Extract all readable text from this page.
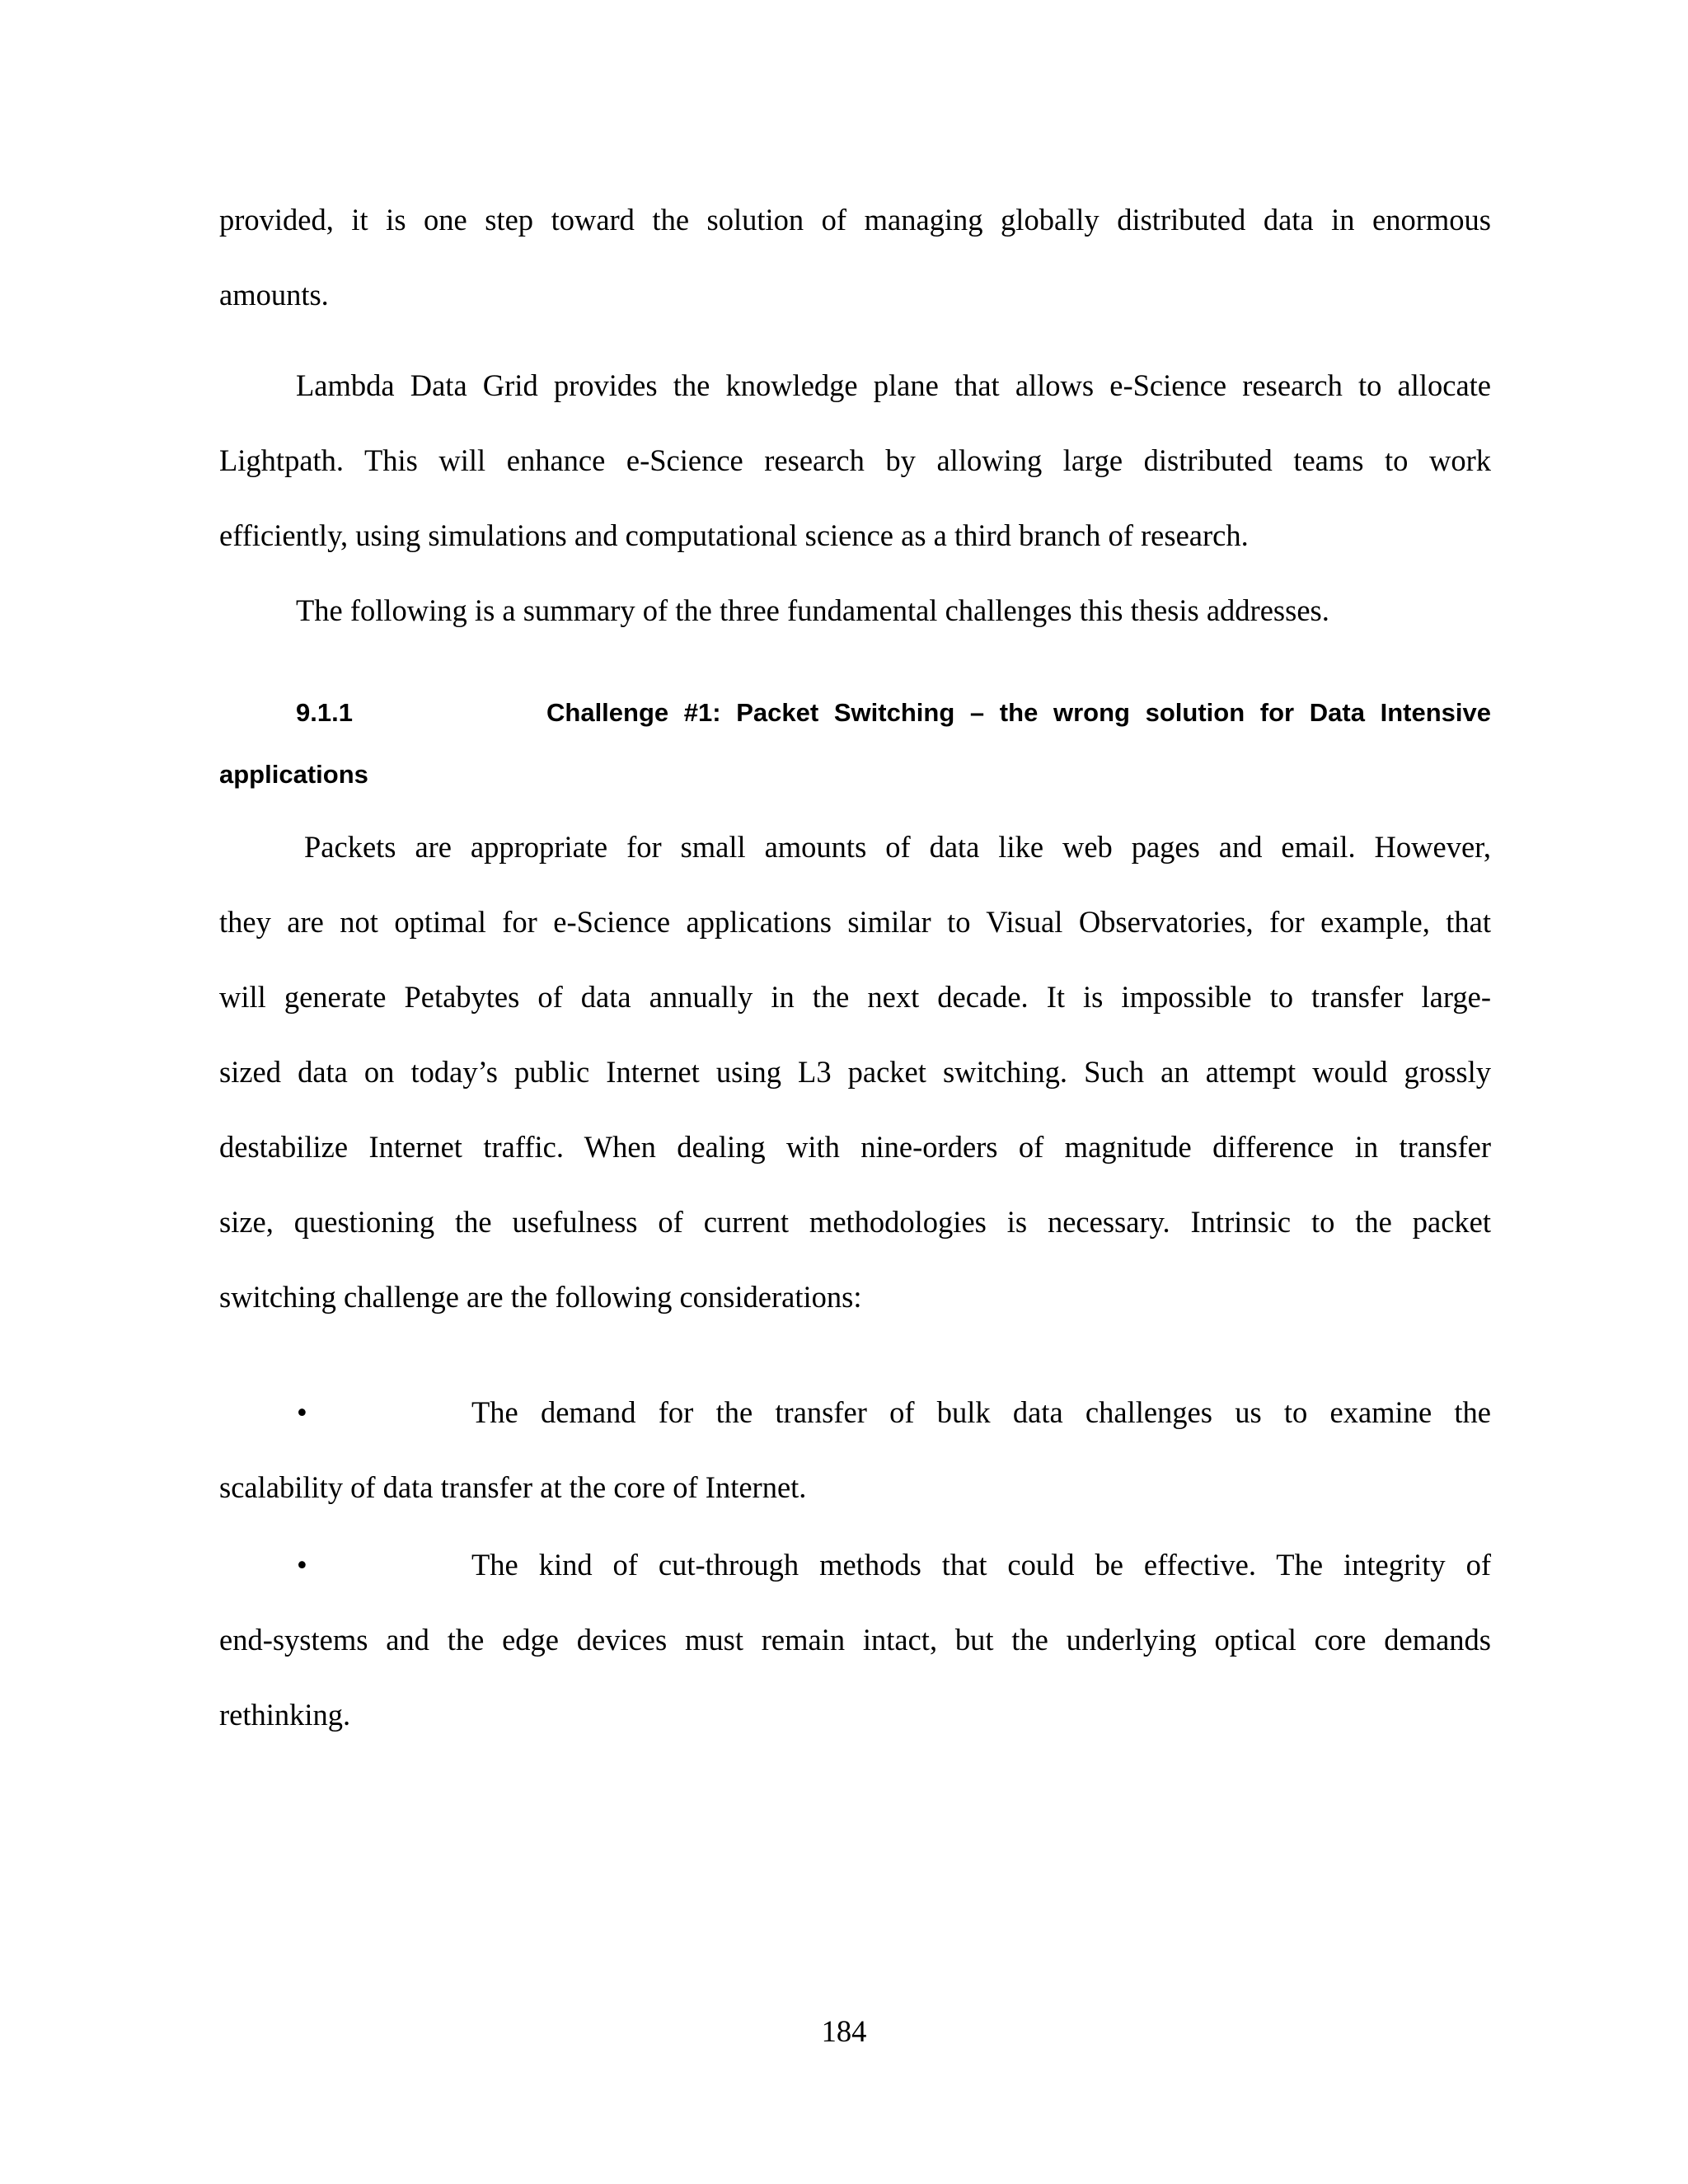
provided, it is one step toward the solution of managing globally distributed data in enormous
amounts.
Lambda Data Grid provides the knowledge plane that allows e-Science research to allocate
Lightpath. This will enhance e-Science research by allowing large distributed teams to work
efficiently, using simulations and computational science as a third branch of research.
The following is a summary of the three fundamental challenges this thesis addresses.
9.1.1	Challenge #1: Packet Switching – the wrong solution for Data Intensive
applications
Packets are appropriate for small amounts of data like web pages and email. However,
they are not optimal for e-Science applications similar to Visual Observatories, for example, that
will generate Petabytes of data annually in the next decade. It is impossible to transfer large-
sized data on today’s public Internet using L3 packet switching. Such an attempt would grossly
destabilize Internet traffic. When dealing with nine-orders of magnitude difference in transfer
size, questioning the usefulness of current methodologies is necessary. Intrinsic to the packet
switching challenge are the following considerations:
•	The demand for the transfer of bulk data challenges us to examine the
scalability of data transfer at the core of Internet.
•	The kind of cut-through methods that could be effective. The integrity of
end-systems and the edge devices must remain intact, but the underlying optical core demands
rethinking.
184
